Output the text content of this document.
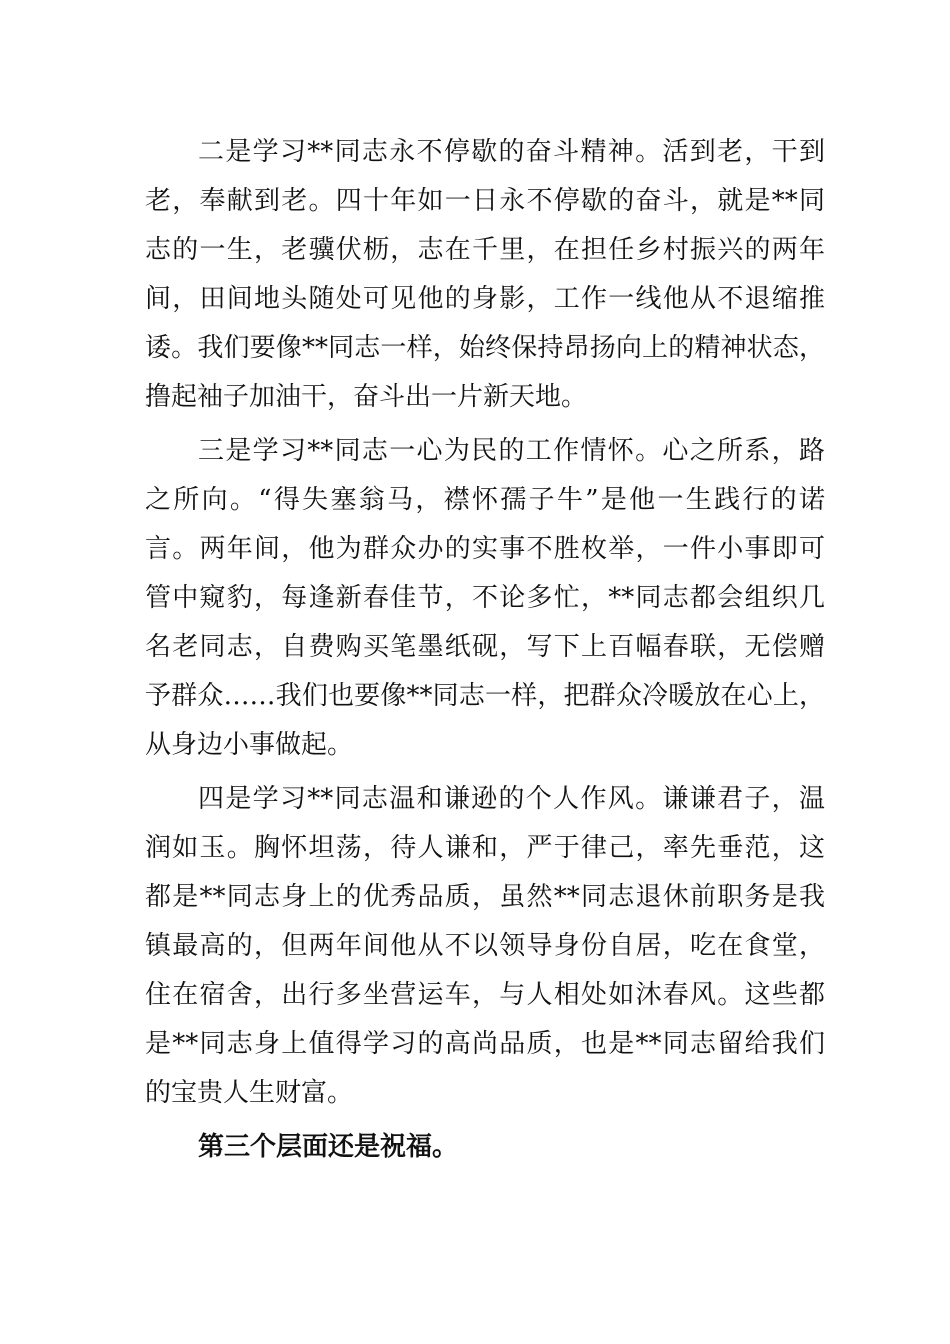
二是学习**同志永不停歇的奋斗精神。活到老，干到
老，奉献到老。四十年如一日永不停歇的奋斗，就是**同
志的一生，老骥伏枥，志在千里，在担任乡村振兴的两年
间，田间地头随处可见他的身影，工作一线他从不退缩推
诿。我们要像**同志一样，始终保持昂扬向上的精神状态，
撸起袖子加油干，奋斗出一片新天地。
三是学习**同志一心为民的工作情怀。心之所系，路
之所向。“得失塞翁马，襟怀孺子牛”是他一生践行的诺
言。两年间，他为群众办的实事不胜枚举，一件小事即可
管中窥豹，每逢新春佳节，不论多忙，**同志都会组织几
名老同志，自费购买笔墨纸砚，写下上百幅春联，无偿赠
予群众……我们也要像**同志一样，把群众冷暖放在心上，
从身边小事做起。
四是学习**同志温和谦逊的个人作风。谦谦君子，温
润如玉。胸怀坦荡，待人谦和，严于律己，率先垂范，这
都是**同志身上的优秀品质，虽然**同志退休前职务是我
镇最高的，但两年间他从不以领导身份自居，吃在食堂，
住在宿舍，出行多坐营运车，与人相处如沐春风。这些都
是**同志身上值得学习的高尚品质，也是**同志留给我们
的宝贵人生财富。
第三个层面还是祝福。
